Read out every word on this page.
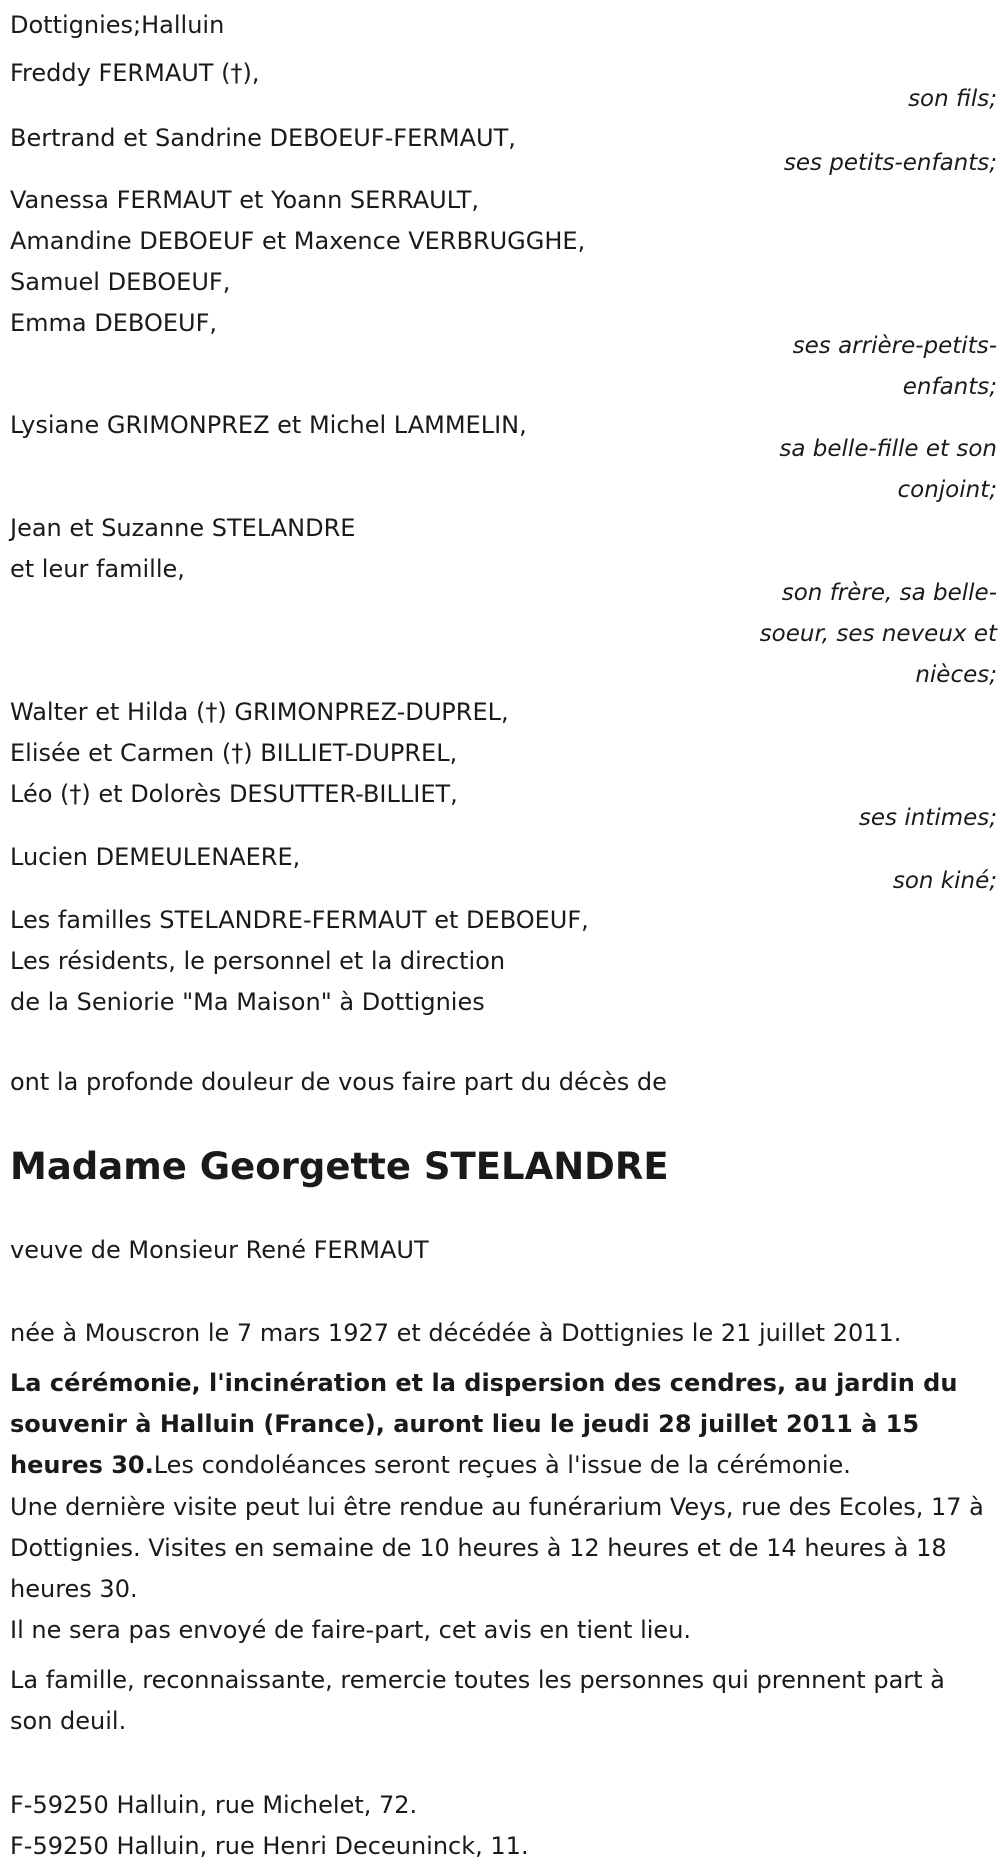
Dottignies;Halluin
Freddy FERMAUT (†),
son fils;
Bertrand et Sandrine DEBOEUF-FERMAUT,
ses petits-enfants;
Vanessa FERMAUT et Yoann SERRAULT,
Amandine DEBOEUF et Maxence VERBRUGGHE,
Samuel DEBOEUF,
Emma DEBOEUF,
ses arrière-petits-
enfants;
Lysiane GRIMONPREZ et Michel LAMMELIN,
sa belle-fille et son
conjoint;
Jean et Suzanne STELANDRE
et leur famille,
son frère, sa belle-
soeur, ses neveux et
nièces;
Walter et Hilda (†) GRIMONPREZ-DUPREL,
Elisée et Carmen (†) BILLIET-DUPREL,
Léo (†) et Dolorès DESUTTER-BILLIET,
ses intimes;
Lucien DEMEULENAERE,
son kiné;
Les familles STELANDRE-FERMAUT et DEBOEUF,
Les résidents, le personnel et la direction
de la Seniorie "Ma Maison" à Dottignies
ont la profonde douleur de vous faire part du décès de
Madame Georgette STELANDRE
veuve de Monsieur René FERMAUT
née à Mouscron le 7 mars 1927 et décédée à Dottignies le 21 juillet 2011.
La cérémonie, l'incinération et la dispersion des cendres, au jardin du souvenir à Halluin (France), auront lieu le jeudi 28 juillet 2011 à 15 heures 30.Les condoléances seront reçues à l'issue de la cérémonie.
Une dernière visite peut lui être rendue au funérarium Veys, rue des Ecoles, 17 à Dottignies. Visites en semaine de 10 heures à 12 heures et de 14 heures à 18 heures 30.
Il ne sera pas envoyé de faire-part, cet avis en tient lieu.
La famille, reconnaissante, remercie toutes les personnes qui prennent part à son deuil.
F-59250 Halluin, rue Michelet, 72.
F-59250 Halluin, rue Henri Deceuninck, 11.
